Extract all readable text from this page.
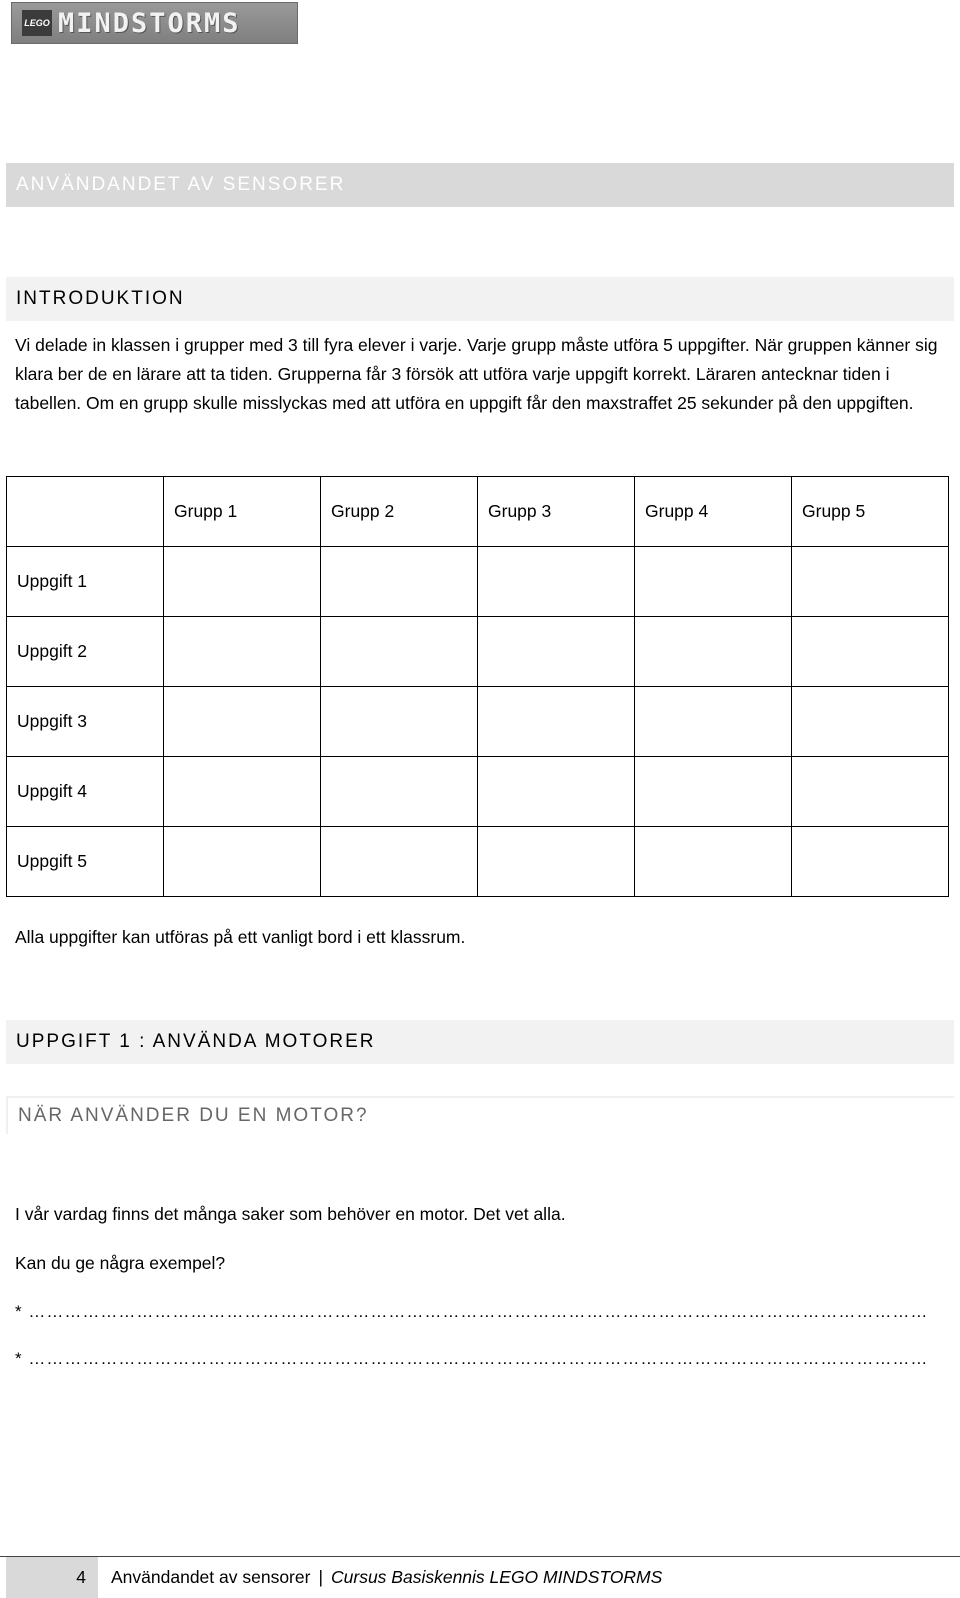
LEGO MINDSTORMS
ANVÄNDANDET AV SENSORER
INTRODUKTION

Vi delade in klassen i grupper med 3 till fyra elever i varje. Varje grupp måste utföra 5 uppgifter. När gruppen känner sig klara ber de en lärare att ta tiden. Grupperna får 3 försök att utföra varje uppgift korrekt. Läraren antecknar tiden i tabellen. Om en grupp skulle misslyckas med att utföra en uppgift får den maxstraffet 25 sekunder på den uppgiften.

	Grupp 1	Grupp 2	Grupp 3	Grupp 4	Grupp 5
Uppgift 1					
Uppgift 2					
Uppgift 3					
Uppgift 4					
Uppgift 5					

Alla uppgifter kan utföras på ett vanligt bord i ett klassrum.

UPPGIFT 1 : ANVÄNDA MOTORER
NÄR ANVÄNDER DU EN MOTOR?

I vår vardag finns det många saker som behöver en motor. Det vet alla.

Kan du ge några exempel?

* ……………………………………………………………………………………………………………………………………
* ……………………………………………………………………………………………………………………………………
4	Användandet av sensorer | Cursus Basiskennis LEGO MINDSTORMS
